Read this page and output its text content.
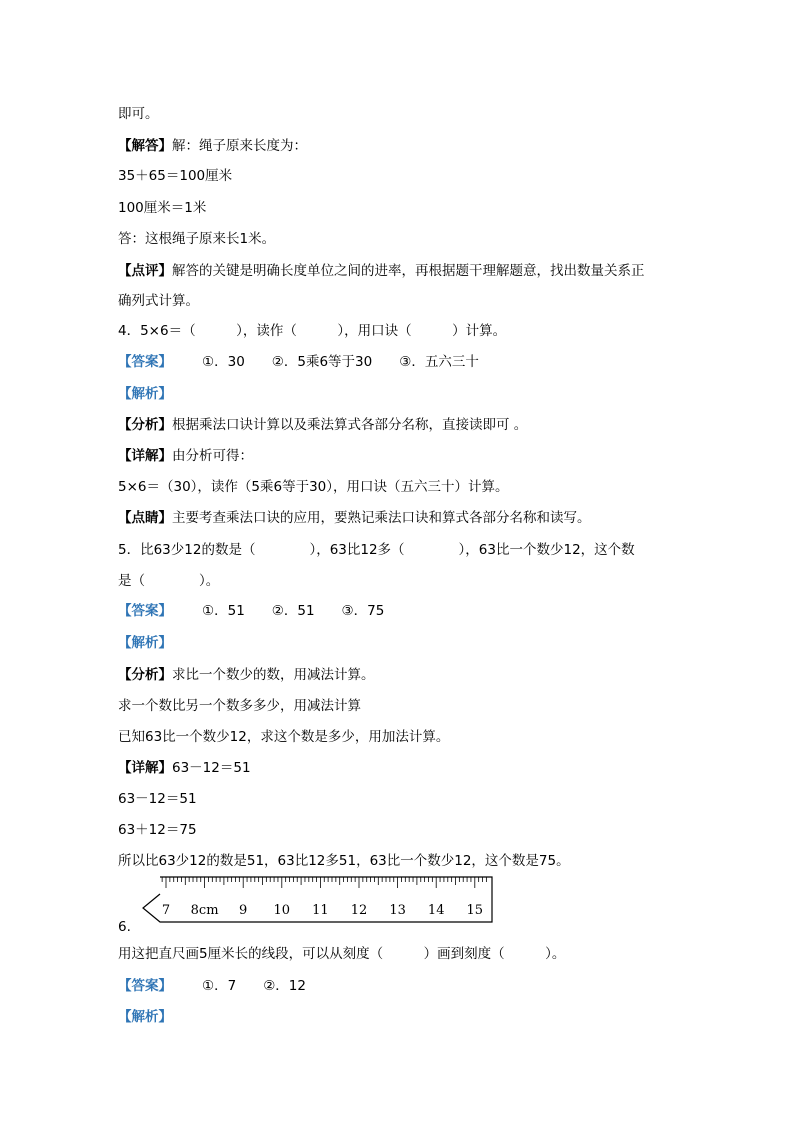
即可。
【解答】解：绳子原来长度为：
35＋65＝100厘米
100厘米＝1米
答：这根绳子原来长1米。
【点评】解答的关键是明确长度单位之间的进率，再根据题干理解题意，找出数量关系正
确列式计算。
4．5×6＝（　　　），读作（　　　），用口诀（　　　）计算。
【答案】 ①．30　　②．5乘6等于30　　③．五六三十
【解析】
【分析】根据乘法口诀计算以及乘法算式各部分名称，直接读即可 。
【详解】由分析可得：
5×6＝（30），读作（5乘6等于30），用口诀（五六三十）计算。
【点睛】主要考查乘法口诀的应用，要熟记乘法口诀和算式各部分名称和读写。
5．比63少12的数是（　　　　），63比12多（　　　　），63比一个数少12，这个数
是（　　　　）。
【答案】 ①．51　　②．51　　③．75
【解析】
【分析】求比一个数少的数，用减法计算。
求一个数比另一个数多多少，用减法计算
已知63比一个数少12，求这个数是多少，用加法计算。
【详解】63－12＝51
63－12＝51
63＋12＝75
所以比63少12的数是51，63比12多51，63比一个数少12，这个数是75。
7 8cm 9 10 11 12 13 14 15
6.
用这把直尺画5厘米长的线段，可以从刻度（　　　）画到刻度（　　　）。
【答案】 ①．7　　②．12
【解析】
